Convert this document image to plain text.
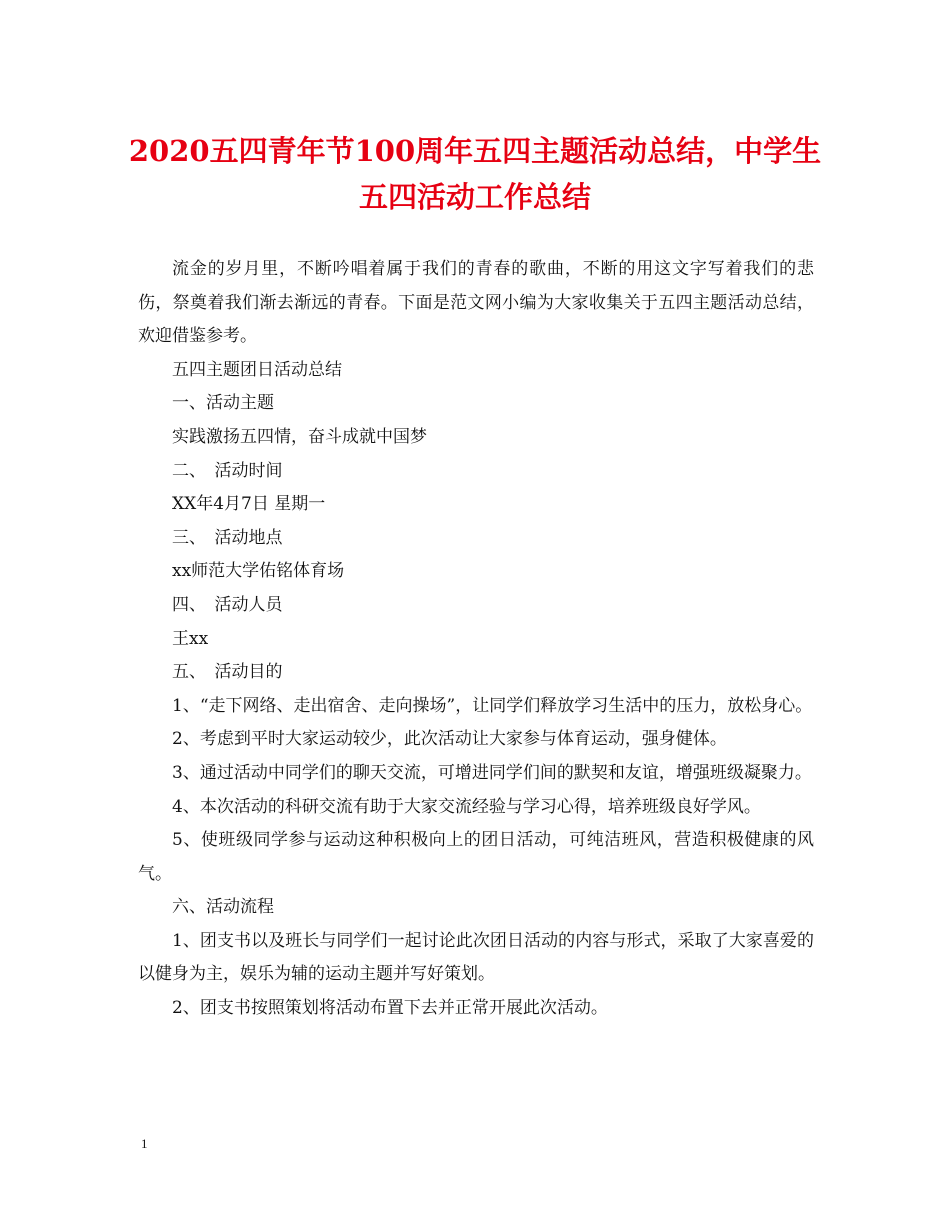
2020五四青年节100周年五四主题活动总结，中学生
五四活动工作总结

流金的岁月里，不断吟唱着属于我们的青春的歌曲，不断的用这文字写着我们的悲伤，祭奠着我们渐去渐远的青春。下面是范文网小编为大家收集关于五四主题活动总结，欢迎借鉴参考。

五四主题团日活动总结

一、活动主题

实践激扬五四情，奋斗成就中国梦

二、　活动时间

XX年4月7日 星期一

三、　活动地点

xx师范大学佑铭体育场

四、　活动人员

王xx

五、　活动目的

1、“走下网络、走出宿舍、走向操场”，让同学们释放学习生活中的压力，放松身心。

2、考虑到平时大家运动较少，此次活动让大家参与体育运动，强身健体。

3、通过活动中同学们的聊天交流，可增进同学们间的默契和友谊，增强班级凝聚力。

4、本次活动的科研交流有助于大家交流经验与学习心得，培养班级良好学风。

5、使班级同学参与运动这种积极向上的团日活动，可纯洁班风，营造积极健康的风气。

六、活动流程

1、团支书以及班长与同学们一起讨论此次团日活动的内容与形式，采取了大家喜爱的以健身为主，娱乐为辅的运动主题并写好策划。

2、团支书按照策划将活动布置下去并正常开展此次活动。

1
